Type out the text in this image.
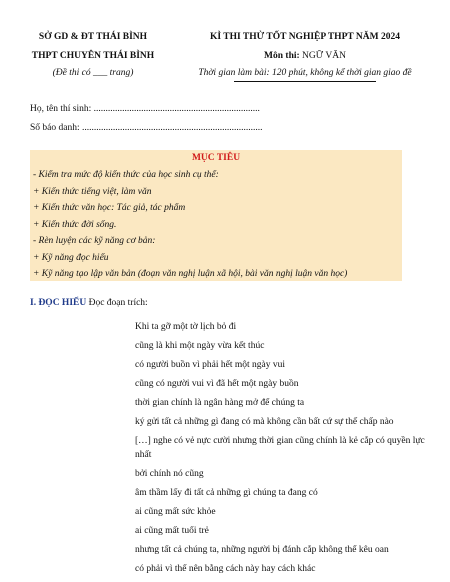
SỞ GD & ĐT THÁI BÌNH
THPT CHUYÊN THÁI BÌNH
(Đề thi có ___ trang)
KÌ THI THỬ TỐT NGHIỆP THPT NĂM 2024
Môn thi: NGỮ VĂN
Thời gian làm bài: 120 phút, không kể thời gian giao đề
Họ, tên thí sinh: ......................................................................
Số báo danh: ............................................................................
MỤC TIÊU
- Kiểm tra mức độ kiến thức của học sinh cụ thể:
+ Kiến thức tiếng việt, làm văn
+ Kiến thức văn học: Tác giả, tác phẩm
+ Kiến thức đời sống.
- Rèn luyện các kỹ năng cơ bản:
+ Kỹ năng đọc hiểu
+ Kỹ năng tạo lập văn bản (đoạn văn nghị luận xã hội, bài văn nghị luận văn học)
I. ĐỌC HIỂU Đọc đoạn trích:
Khi ta gỡ một tờ lịch bỏ đi
cũng là khi một ngày vừa kết thúc
có người buồn vì phải hết một ngày vui
cũng có người vui vì đã hết một ngày buồn
thời gian chính là ngân hàng mở để chúng ta
ký gửi tất cả những gì đang có mà không cần bất cứ sự thế chấp nào
[…] nghe có vẻ nực cười nhưng thời gian cũng chính là kẻ cắp có quyền lực nhất
bởi chính nó cũng
âm thầm lấy đi tất cả những gì chúng ta đang có
ai cũng mất sức khỏe
ai cũng mất tuổi trẻ
nhưng tất cả chúng ta, những người bị đánh cắp không thể kêu oan
có phải vì thế nên bằng cách này hay cách khác
